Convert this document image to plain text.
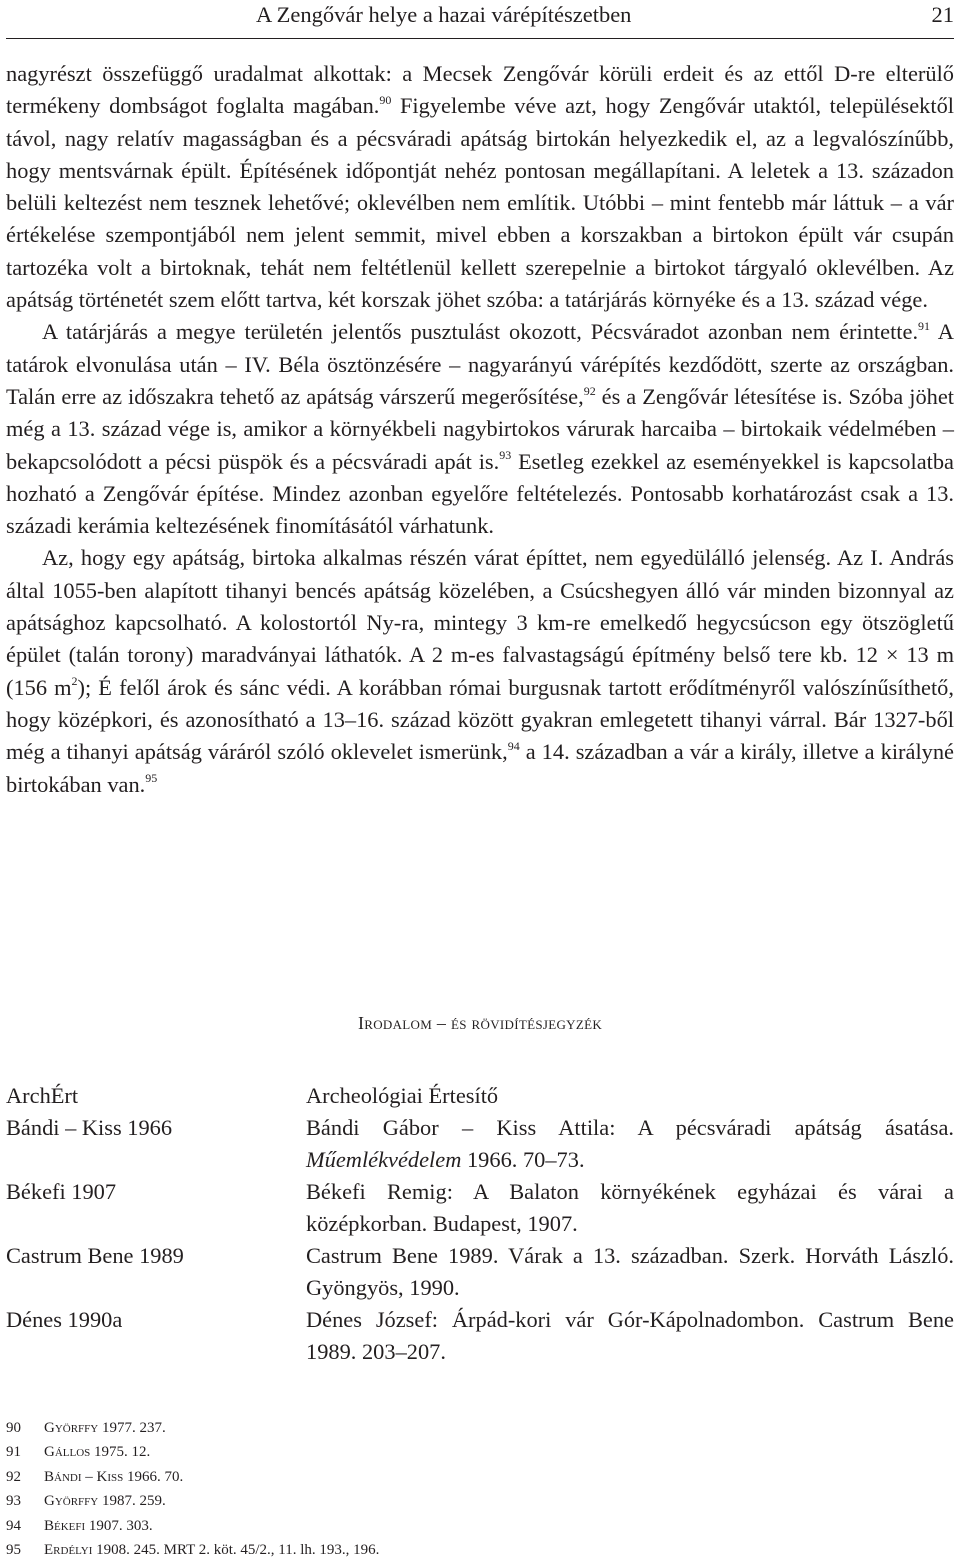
A Zengővár helye a hazai várépítészetben	21

nagyrészt összefüggő uradalmat alkottak: a Mecsek Zengővár körüli erdeit és az ettől D-re elterülő termékeny dombságot foglalta magában.$^{90}$ Figyelembe véve azt, hogy Zengővár utaktól, településektől távol, nagy relatív magasságban és a pécsváradi apátság birtokán helyezkedik el, az a legvalószínűbb, hogy mentsvárnak épült. Építésének időpontját nehéz pontosan megállapítani. A leletek a 13. századon belüli keltezést nem tesznek lehetővé; oklevélben nem említik. Utóbbi – mint fentebb már láttuk – a vár értékelése szempontjából nem jelent semmit, mivel ebben a korszakban a birtokon épült vár csupán tartozéka volt a birtoknak, tehát nem feltétlenül kellett szerepelnie a birtokot tárgyaló oklevélben. Az apátság történetét szem előtt tartva, két korszak jöhet szóba: a tatárjárás környéke és a 13. század vége.

A tatárjárás a megye területén jelentős pusztulást okozott, Pécsváradot azonban nem érintette.$^{91}$ A tatárok elvonulása után – IV. Béla ösztönzésére – nagyarányú várépítés kezdődött, szerte az országban. Talán erre az időszakra tehető az apátság várszerű megerősítése,$^{92}$ és a Zengővár létesítése is. Szóba jöhet még a 13. század vége is, amikor a környékbeli nagybirtokos várurak harcaiba – birtokaik védelmében – bekapcsolódott a pécsi püspök és a pécsváradi apát is.$^{93}$ Esetleg ezekkel az eseményekkel is kapcsolatba hozható a Zengővár építése. Mindez azonban egyelőre feltételezés. Pontosabb korhatározást csak a 13. századi kerámia keltezésének finomításától várhatunk.

Az, hogy egy apátság, birtoka alkalmas részén várat építtet, nem egyedülálló jelenség. Az I. András által 1055-ben alapított tihanyi bencés apátság közelében, a Csúcshegyen álló vár minden bizonnyal az apátsághoz kapcsolható. A kolostortól Ny-ra, mintegy 3 km-re emelkedő hegycsúcson egy ötszögletű épület (talán torony) maradványai láthatók. A 2 m-es falvastagságú építmény belső tere kb. 12 × 13 m (156 $m^2$); É felől árok és sánc védi. A korábban római burgusnak tartott erődítményről valószínűsíthető, hogy középkori, és azonosítható a 13–16. század között gyakran emlegetett tihanyi várral. Bár 1327-ből még a tihanyi apátság váráról szóló oklevelet ismerünk,$^{94}$ a 14. században a vár a király, illetve a királyné birtokában van.$^{95}$

Irodalom – és rövidítésjegyzék
ArchÉrt	Archeológiai Értesítő
Bándi – Kiss 1966	Bándi Gábor – Kiss Attila: A pécsváradi apátság ásatása. Műemlékvédelem 1966. 70–73.
Békefi 1907	Békefi Remig: A Balaton környékének egyházai és várai a középkorban. Budapest, 1907.
Castrum Bene 1989	Castrum Bene 1989. Várak a 13. században. Szerk. Horváth László. Gyöngyös, 1990.
Dénes 1990a	Dénes József: Árpád-kori vár Gór-Kápolnadombon. Castrum Bene 1989. 203–207.
90	Györffy 1977. 237.
91	Gállos 1975. 12.
92	Bándi – Kiss 1966. 70.
93	Györffy 1987. 259.
94	Békefi 1907. 303.
95	Erdélyi 1908. 245. MRT 2. köt. 45/2., 11. lh. 193., 196.
